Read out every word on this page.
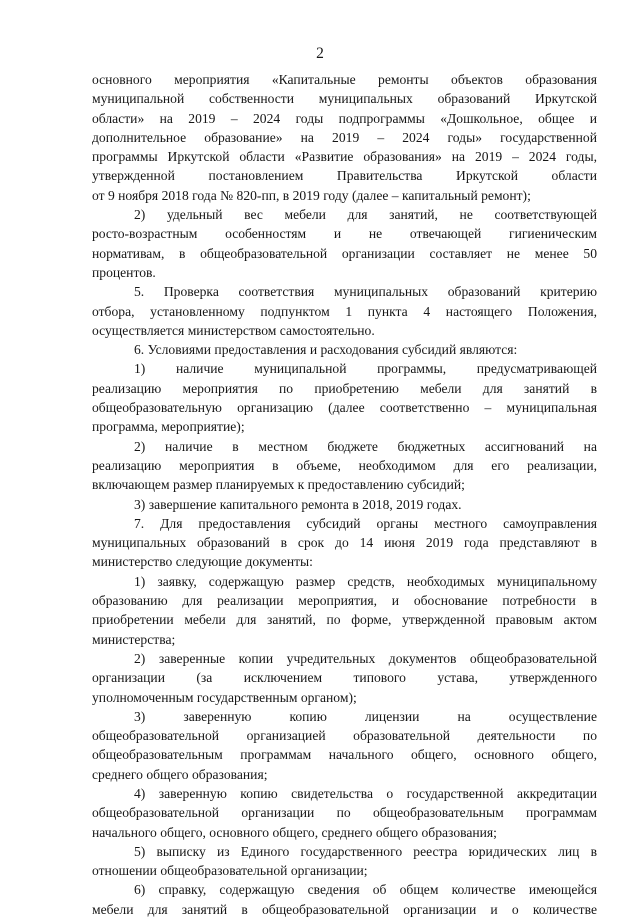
2
основного мероприятия «Капитальные ремонты объектов образования
муниципальной собственности муниципальных образований Иркутской
области» на 2019 – 2024 годы подпрограммы «Дошкольное, общее и
дополнительное образование» на 2019 – 2024 годы» государственной
программы Иркутской области «Развитие образования» на 2019 – 2024 годы,
утвержденной постановлением Правительства Иркутской области
от 9 ноября 2018 года № 820-пп, в 2019 году (далее – капитальный ремонт);
2) удельный вес мебели для занятий, не соответствующей
росто-возрастным особенностям и не отвечающей гигиеническим
нормативам, в общеобразовательной организации составляет не менее 50
процентов.
5. Проверка соответствия муниципальных образований критерию
отбора, установленному подпунктом 1 пункта 4 настоящего Положения,
осуществляется министерством самостоятельно.
6. Условиями предоставления и расходования субсидий являются:
1) наличие муниципальной программы, предусматривающей
реализацию мероприятия по приобретению мебели для занятий в
общеобразовательную организацию (далее соответственно – муниципальная
программа, мероприятие);
2) наличие в местном бюджете бюджетных ассигнований на
реализацию мероприятия в объеме, необходимом для его реализации,
включающем размер планируемых к предоставлению субсидий;
3) завершение капитального ремонта в 2018, 2019 годах.
7. Для предоставления субсидий органы местного самоуправления
муниципальных образований в срок до 14 июня 2019 года представляют в
министерство следующие документы:
1) заявку, содержащую размер средств, необходимых муниципальному
образованию для реализации мероприятия, и обоснование потребности в
приобретении мебели для занятий, по форме, утвержденной правовым актом
министерства;
2) заверенные копии учредительных документов общеобразовательной
организации (за исключением типового устава, утвержденного
уполномоченным государственным органом);
3) заверенную копию лицензии на осуществление
общеобразовательной организацией образовательной деятельности по
общеобразовательным программам начального общего, основного общего,
среднего общего образования;
4) заверенную копию свидетельства о государственной аккредитации
общеобразовательной организации по общеобразовательным программам
начального общего, основного общего, среднего общего образования;
5) выписку из Единого государственного реестра юридических лиц в
отношении общеобразовательной организации;
6) справку, содержащую сведения об общем количестве имеющейся
мебели для занятий в общеобразовательной организации и о количестве
